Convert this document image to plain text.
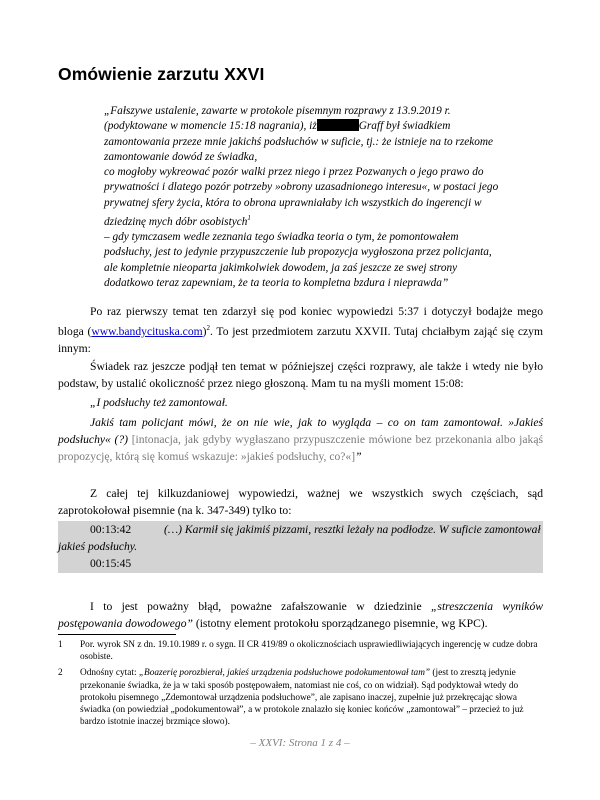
Omówienie zarzutu XXVI

„Fałszywe ustalenie, zawarte w protokole pisemnym rozprawy z 13.9.2019 r. (podyktowane w momencie 15:18 nagrania), iż	Graff był świadkiem zamontowania przeze mnie jakichś podsłuchów w suficie, tj.: że istnieje na to rzekome zamontowanie dowód ze świadka,

co mogłoby wykreować pozór walki przez niego i przez Pozwanych o jego prawo do prywatności i dlatego pozór potrzeby »obrony uzasadnionego interesu«, w postaci jego prywatnej sfery życia, która to obrona uprawniałaby ich wszystkich do ingerencji w dziedzinę mych dóbr osobistych$^1$

– gdy tymczasem wedle zeznania tego świadka teoria o tym, że pomontowałem podsłuchy, jest to jedynie przypuszczenie lub propozycja wygłoszona przez policjanta, ale kompletnie nieoparta jakimkolwiek dowodem, ja zaś jeszcze ze swej strony dodatkowo teraz zapewniam, że ta teoria to kompletna bzdura i nieprawda”

Po raz pierwszy temat ten zdarzył się pod koniec wypowiedzi 5:37 i dotyczył bodajże mego bloga (www.bandycituska.com)$^2$. To jest przedmiotem zarzutu XXVII. Tutaj chciałbym zająć się czym innym:

Świadek raz jeszcze podjął ten temat w późniejszej części rozprawy, ale także i wtedy nie było podstaw, by ustalić okoliczność przez niego głoszoną. Mam tu na myśli moment 15:08:

„I podsłuchy też zamontował.

Jakiś tam policjant mówi, że on nie wie, jak to wygląda – co on tam zamontował. »Jakieś podsłuchy« (?) [intonacja, jak gdyby wygłaszano przypuszczenie mówione bez przekonania albo jakąś propozycję, którą się komuś wskazuje: »jakieś podsłuchy, co?«]”

Z całej tej kilkuzdaniowej wypowiedzi, ważnej we wszystkich swych częściach, sąd zaprotokołował pisemnie (na k. 347-349) tylko to:

00:13:42	(…) Karmił się jakimiś pizzami, resztki leżały na podłodze. W suficie zamontował jakieś podsłuchy.

00:15:45

I to jest poważny błąd, poważne zafałszowanie w dziedzinie „streszczenia wyników postępowania dowodowego” (istotny element protokołu sporządzanego pisemnie, wg KPC).

1 Por. wyrok SN z dn. 19.10.1989 r. o sygn. II CR 419/89 o okolicznościach usprawiedliwiających ingerencję w cudze dobra osobiste.

2 Odnośny cytat: „Boazerię porozbierał, jakieś urządzenia podsłuchowe podokumentował tam” (jest to zresztą jedynie przekonanie świadka, że ja w taki sposób postępowałem, natomiast nie coś, co on widział). Sąd podyktował wtedy do protokołu pisemnego „Zdemontował urządzenia podsłuchowe”, ale zapisano inaczej, zupełnie już przekręcając słowa świadka (on powiedział „podokumentował”, a w protokole znalazło się koniec końców „zamontował” – przecież to już bardzo istotnie inaczej brzmiące słowo).

– XXVI: Strona 1 z 4 –
